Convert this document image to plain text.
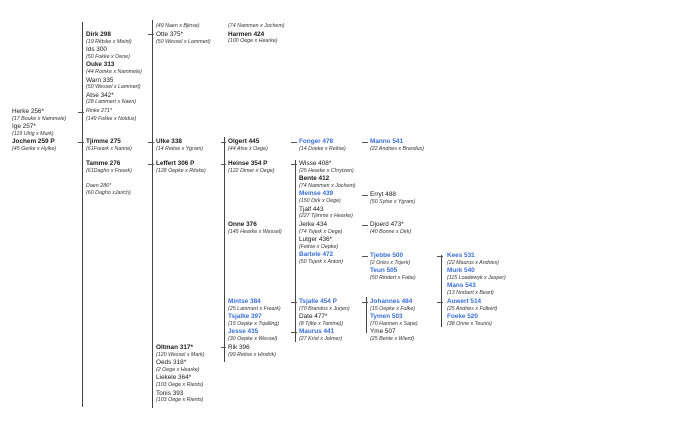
Herke 256*
(17 Bouke x Nammele)
Ige 257*
(119 Ulrig x Murk)
Jochem 259 P
(45 Gerke x Hylke)
Dirk 298
(19 Rittske x Meint)
Ids 300
(50 Fokke x Oene)
Ouke 313
(44 Romke x Nammele)
Warn 335
(50 Wessel x Lammert)
Atse 342*
(28 Lammert x Naen)
Rinke 271*
(149 Fokke x Noldus)
Tjimme 275
(61Freark x Nanne)
Tamme 276
(61Dagho x Freark)

Daen 286*
(60 Dagho xJarich)
(49 Naen x Bjinse)
Otte 375*
(50 Wessel x Lammert)
Ulke 338
(14 Reitse x Ygram)
Leffert 306 P
(128 Oepke x Ritske)
Oltman 317*
(120 Wessel x Mark)
Oeds 318*
(2 Oege x Hearke)
Liekele 364*
(103 Oege x Rients)
Tonis 393
(103 Oege x Rients)
(74 Nammen x Jochem)
Harmen 424
(100 Oege x Hearke)
Olgert 445
(44 Atse x Oege)
Heinse 354 P
(122 Dimer x Oege)
Onne 376
(145 Hearke x Wessel)
Mintse 384
(25 Lammert x Freark)
Tsjalke 397
(15 Oepke x Tsjalling)
Jesse 435
(30 Oepke x Wessel)
Rik 396
(99 Reitse x Hindrik)
Fonger 478
(14 Doeke x Reitse)
Wisse 408*
(25 Hearke x Chrytzen)
Bente 412
(74 Nammen x Jochem)
Meinse 439
(150 Dirk x Oege)
Tjalf 443
(227 Tjimme x Hearke)
Jerke 434
(74 Tsjerk x Oege)
Lutger 436*
(Feitse x Oepke)
Bartele 472
(50 Tsjerk x Anton)
Tsjalle 454 P
(70 Brandus x Jurjen)
Date 477*
(8 Tjitte x Tamme))
Maurus 441
(27 Krist x Jelmer)
Manno 541
(22 Andries x Brandus)
Erryt 488
(50 Sytse x Ygram)
Djoerd 473*
(40 Bonne x Dirk)
Tjebbe 500
(2 Ories x Tsjerk)
Teun 505
(50 Rindert x Fabe)
Johannes 484
(15 Oepke x Folke)
Tymen 503
(70 Harmen x Sape)
Yme 507
(25 Bente x Wierd)
Kees 531
(22 Maurus x Andries)
Murk 540
(115 Loadewyk x Jasper)
Mans 543
(13 Norbert x Beart)
Auwert 514
(25 Andries x Folkert)
Foeke 520
(38 Onne x Teunis)
